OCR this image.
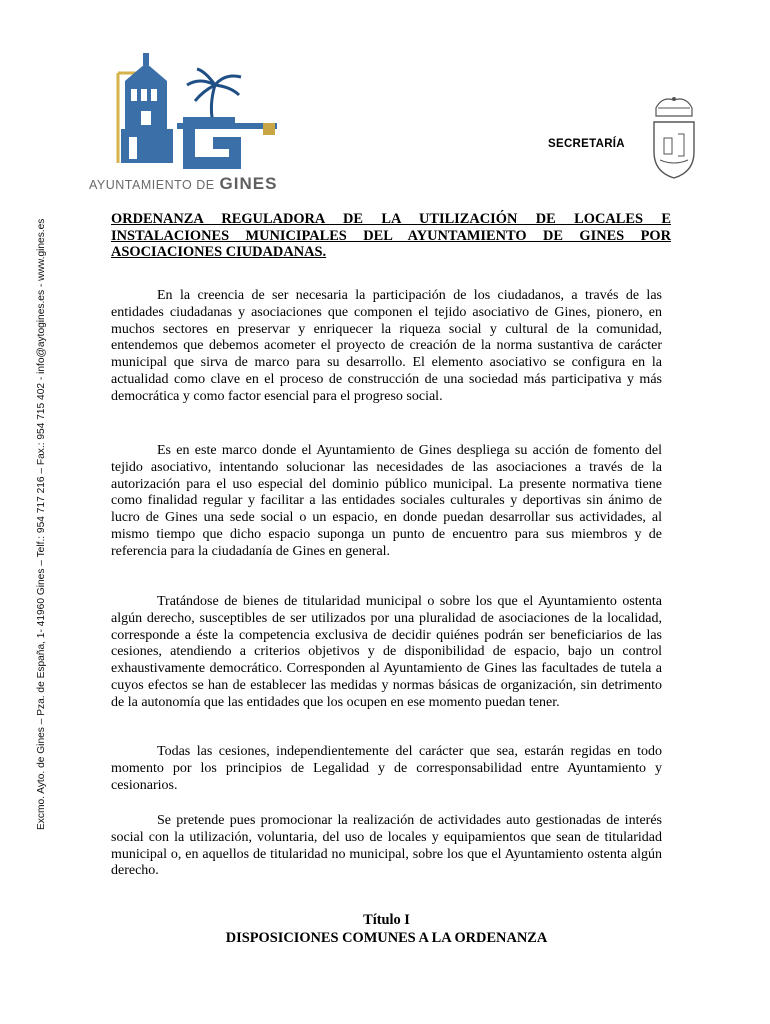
Excmo. Ayto. de Gines – Pza. de España, 1- 41960 Gines – Telf.: 954 717 216 – Fax.: 954 715 402 - info@aytogines.es - www.gines.es
AYUNTAMIENTO DE GINES
SECRETARÍA
ORDENANZA REGULADORA DE LA UTILIZACIÓN DE LOCALES E INSTALACIONES MUNICIPALES DEL AYUNTAMIENTO DE GINES POR ASOCIACIONES CIUDADANAS.

En la creencia de ser necesaria la participación de los ciudadanos, a través de las entidades ciudadanas y asociaciones que componen el tejido asociativo de Gines, pionero, en muchos sectores en preservar y enriquecer la riqueza social y cultural de la comunidad, entendemos que debemos acometer el proyecto de creación de la norma sustantiva de carácter municipal que sirva de marco para su desarrollo. El elemento asociativo se configura en la actualidad como clave en el proceso de construcción de una sociedad más participativa y más democrática y como factor esencial para el progreso social.

Es en este marco donde el Ayuntamiento de Gines despliega su acción de fomento del tejido asociativo, intentando solucionar las necesidades de las asociaciones a través de la autorización para el uso especial del dominio público municipal. La presente normativa tiene como finalidad regular y facilitar a las entidades sociales culturales y deportivas sin ánimo de lucro de Gines una sede social o un espacio, en donde puedan desarrollar sus actividades, al mismo tiempo que dicho espacio suponga un punto de encuentro para sus miembros y de referencia para la ciudadanía de Gines en general.

Tratándose de bienes de titularidad municipal o sobre los que el Ayuntamiento ostenta algún derecho, susceptibles de ser utilizados por una pluralidad de asociaciones de la localidad, corresponde a éste la competencia exclusiva de decidir quiénes podrán ser beneficiarios de las cesiones, atendiendo a criterios objetivos y de disponibilidad de espacio, bajo un control exhaustivamente democrático. Corresponden al Ayuntamiento de Gines las facultades de tutela a cuyos efectos se han de establecer las medidas y normas básicas de organización, sin detrimento de la autonomía que las entidades que los ocupen en ese momento puedan tener.

Todas las cesiones, independientemente del carácter que sea, estarán regidas en todo momento por los principios de Legalidad y de corresponsabilidad entre Ayuntamiento y cesionarios.

Se pretende pues promocionar la realización de actividades auto gestionadas de interés social con la utilización, voluntaria, del uso de locales y equipamientos que sean de titularidad municipal o, en aquellos de titularidad no municipal, sobre los que el Ayuntamiento ostenta algún derecho.

Título I
DISPOSICIONES COMUNES A LA ORDENANZA
